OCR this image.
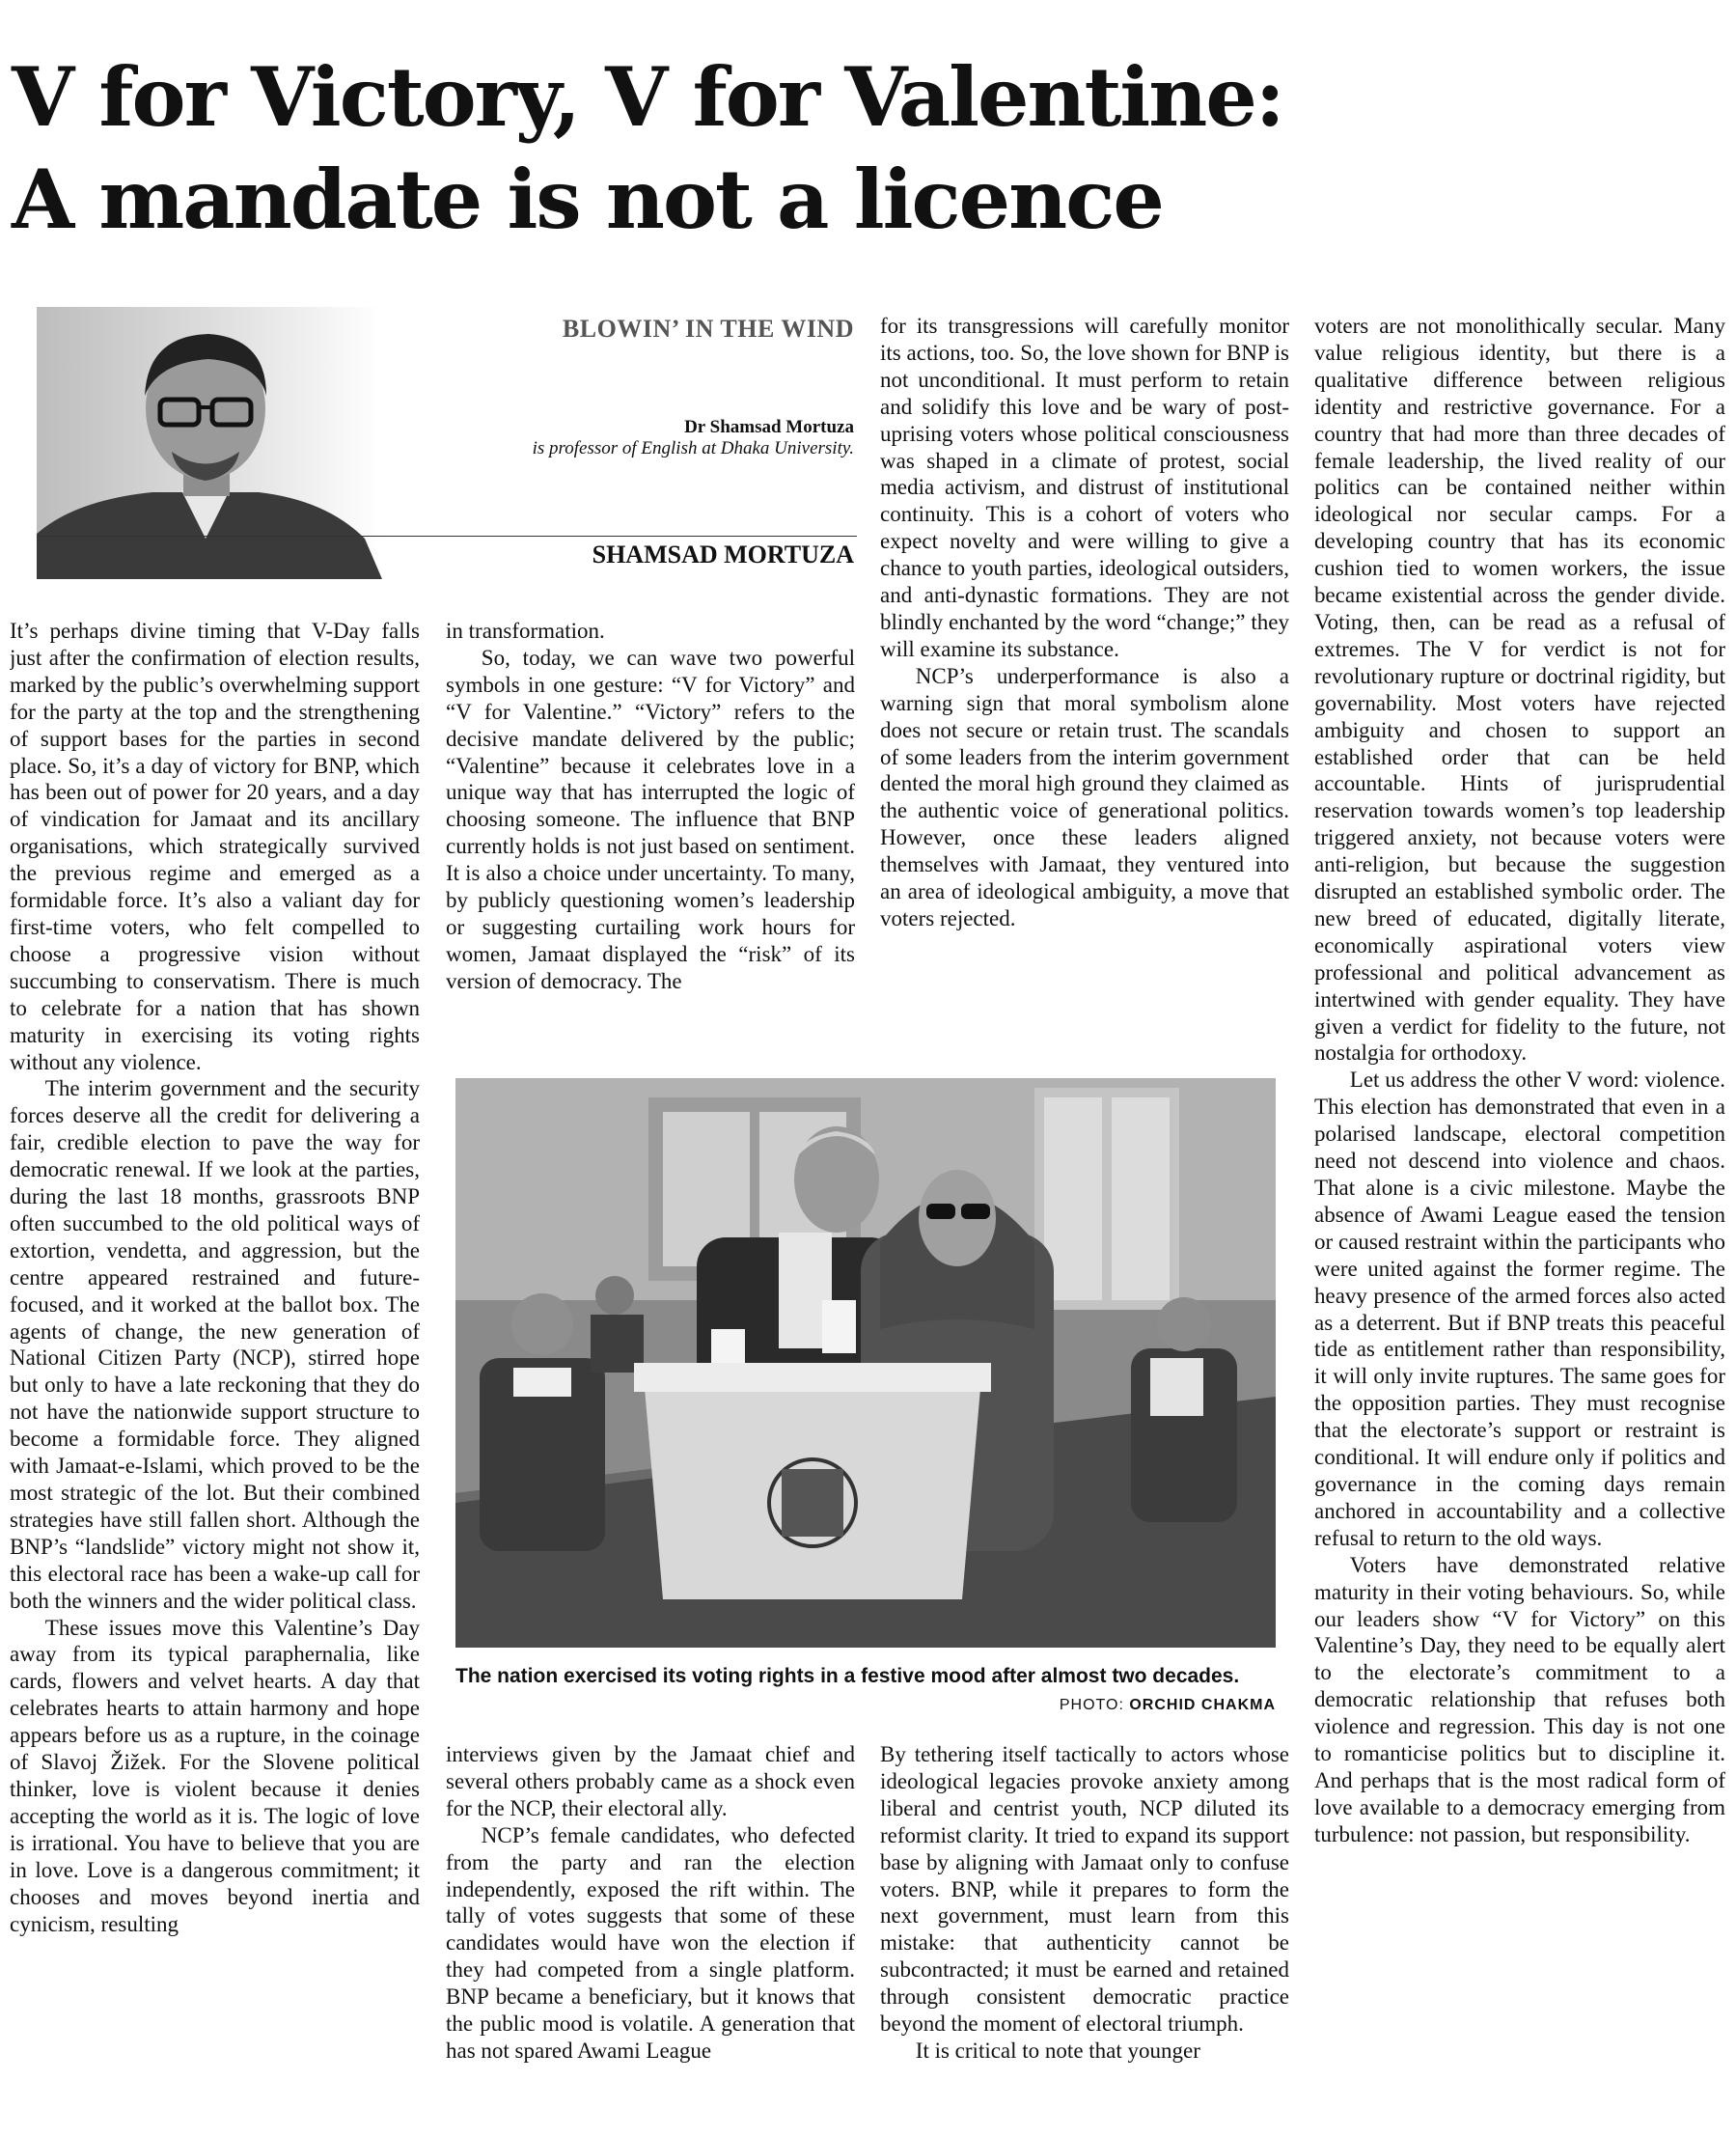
V for Victory, V for Valentine:
A mandate is not a licence
BLOWIN’ IN THE WIND
Dr Shamsad Mortuza
is professor of English at Dhaka University.
SHAMSAD MORTUZA

It’s perhaps divine timing that V-Day falls just after the confirmation of election results, marked by the public’s overwhelming support for the party at the top and the strengthening of support bases for the parties in second place. So, it’s a day of victory for BNP, which has been out of power for 20 years, and a day of vindication for Jamaat and its ancillary organisations, which strategically survived the previous regime and emerged as a formidable force. It’s also a valiant day for first-time voters, who felt compelled to choose a progressive vision without succumbing to conservatism. There is much to celebrate for a nation that has shown maturity in exercising its voting rights without any violence.

The interim government and the security forces deserve all the credit for delivering a fair, credible election to pave the way for democratic renewal. If we look at the parties, during the last 18 months, grassroots BNP often succumbed to the old political ways of extortion, vendetta, and aggression, but the centre appeared restrained and future-focused, and it worked at the ballot box. The agents of change, the new generation of National Citizen Party (NCP), stirred hope but only to have a late reckoning that they do not have the nationwide support structure to become a formidable force. They aligned with Jamaat-e-Islami, which proved to be the most strategic of the lot. But their combined strategies have still fallen short. Although the BNP’s “landslide” victory might not show it, this electoral race has been a wake-up call for both the winners and the wider political class.

These issues move this Valentine’s Day away from its typical paraphernalia, like cards, flowers and velvet hearts. A day that celebrates hearts to attain harmony and hope appears before us as a rupture, in the coinage of Slavoj Žižek. For the Slovene political thinker, love is violent because it denies accepting the world as it is. The logic of love is irrational. You have to believe that you are in love. Love is a dangerous commitment; it chooses and moves beyond inertia and cynicism, resulting

in transformation.

So, today, we can wave two powerful symbols in one gesture: “V for Victory” and “V for Valentine.” “Victory” refers to the decisive mandate delivered by the public; “Valentine” because it celebrates love in a unique way that has interrupted the logic of choosing someone. The influence that BNP currently holds is not just based on sentiment. It is also a choice under uncertainty. To many, by publicly questioning women’s leadership or suggesting curtailing work hours for women, Jamaat displayed the “risk” of its version of democracy. The

for its transgressions will carefully monitor its actions, too. So, the love shown for BNP is not unconditional. It must perform to retain and solidify this love and be wary of post-uprising voters whose political consciousness was shaped in a climate of protest, social media activism, and distrust of institutional continuity. This is a cohort of voters who expect novelty and were willing to give a chance to youth parties, ideological outsiders, and anti-dynastic formations. They are not blindly enchanted by the word “change;” they will examine its substance.

NCP’s underperformance is also a warning sign that moral symbolism alone does not secure or retain trust. The scandals of some leaders from the interim government dented the moral high ground they claimed as the authentic voice of generational politics. However, once these leaders aligned themselves with Jamaat, they ventured into an area of ideological ambiguity, a move that voters rejected.

The nation exercised its voting rights in a festive mood after almost two decades.
PHOTO: ORCHID CHAKMA

interviews given by the Jamaat chief and several others probably came as a shock even for the NCP, their electoral ally.

NCP’s female candidates, who defected from the party and ran the election independently, exposed the rift within. The tally of votes suggests that some of these candidates would have won the election if they had competed from a single platform. BNP became a beneficiary, but it knows that the public mood is volatile. A generation that has not spared Awami League

By tethering itself tactically to actors whose ideological legacies provoke anxiety among liberal and centrist youth, NCP diluted its reformist clarity. It tried to expand its support base by aligning with Jamaat only to confuse voters. BNP, while it prepares to form the next government, must learn from this mistake: that authenticity cannot be subcontracted; it must be earned and retained through consistent democratic practice beyond the moment of electoral triumph.

It is critical to note that younger

voters are not monolithically secular. Many value religious identity, but there is a qualitative difference between religious identity and restrictive governance. For a country that had more than three decades of female leadership, the lived reality of our politics can be contained neither within ideological nor secular camps. For a developing country that has its economic cushion tied to women workers, the issue became existential across the gender divide. Voting, then, can be read as a refusal of extremes. The V for verdict is not for revolutionary rupture or doctrinal rigidity, but governability. Most voters have rejected ambiguity and chosen to support an established order that can be held accountable. Hints of jurisprudential reservation towards women’s top leadership triggered anxiety, not because voters were anti-religion, but because the suggestion disrupted an established symbolic order. The new breed of educated, digitally literate, economically aspirational voters view professional and political advancement as intertwined with gender equality. They have given a verdict for fidelity to the future, not nostalgia for orthodoxy.

Let us address the other V word: violence. This election has demonstrated that even in a polarised landscape, electoral competition need not descend into violence and chaos. That alone is a civic milestone. Maybe the absence of Awami League eased the tension or caused restraint within the participants who were united against the former regime. The heavy presence of the armed forces also acted as a deterrent. But if BNP treats this peaceful tide as entitlement rather than responsibility, it will only invite ruptures. The same goes for the opposition parties. They must recognise that the electorate’s support or restraint is conditional. It will endure only if politics and governance in the coming days remain anchored in accountability and a collective refusal to return to the old ways.

Voters have demonstrated relative maturity in their voting behaviours. So, while our leaders show “V for Victory” on this Valentine’s Day, they need to be equally alert to the electorate’s commitment to a democratic relationship that refuses both violence and regression. This day is not one to romanticise politics but to discipline it. And perhaps that is the most radical form of love available to a democracy emerging from turbulence: not passion, but responsibility.
